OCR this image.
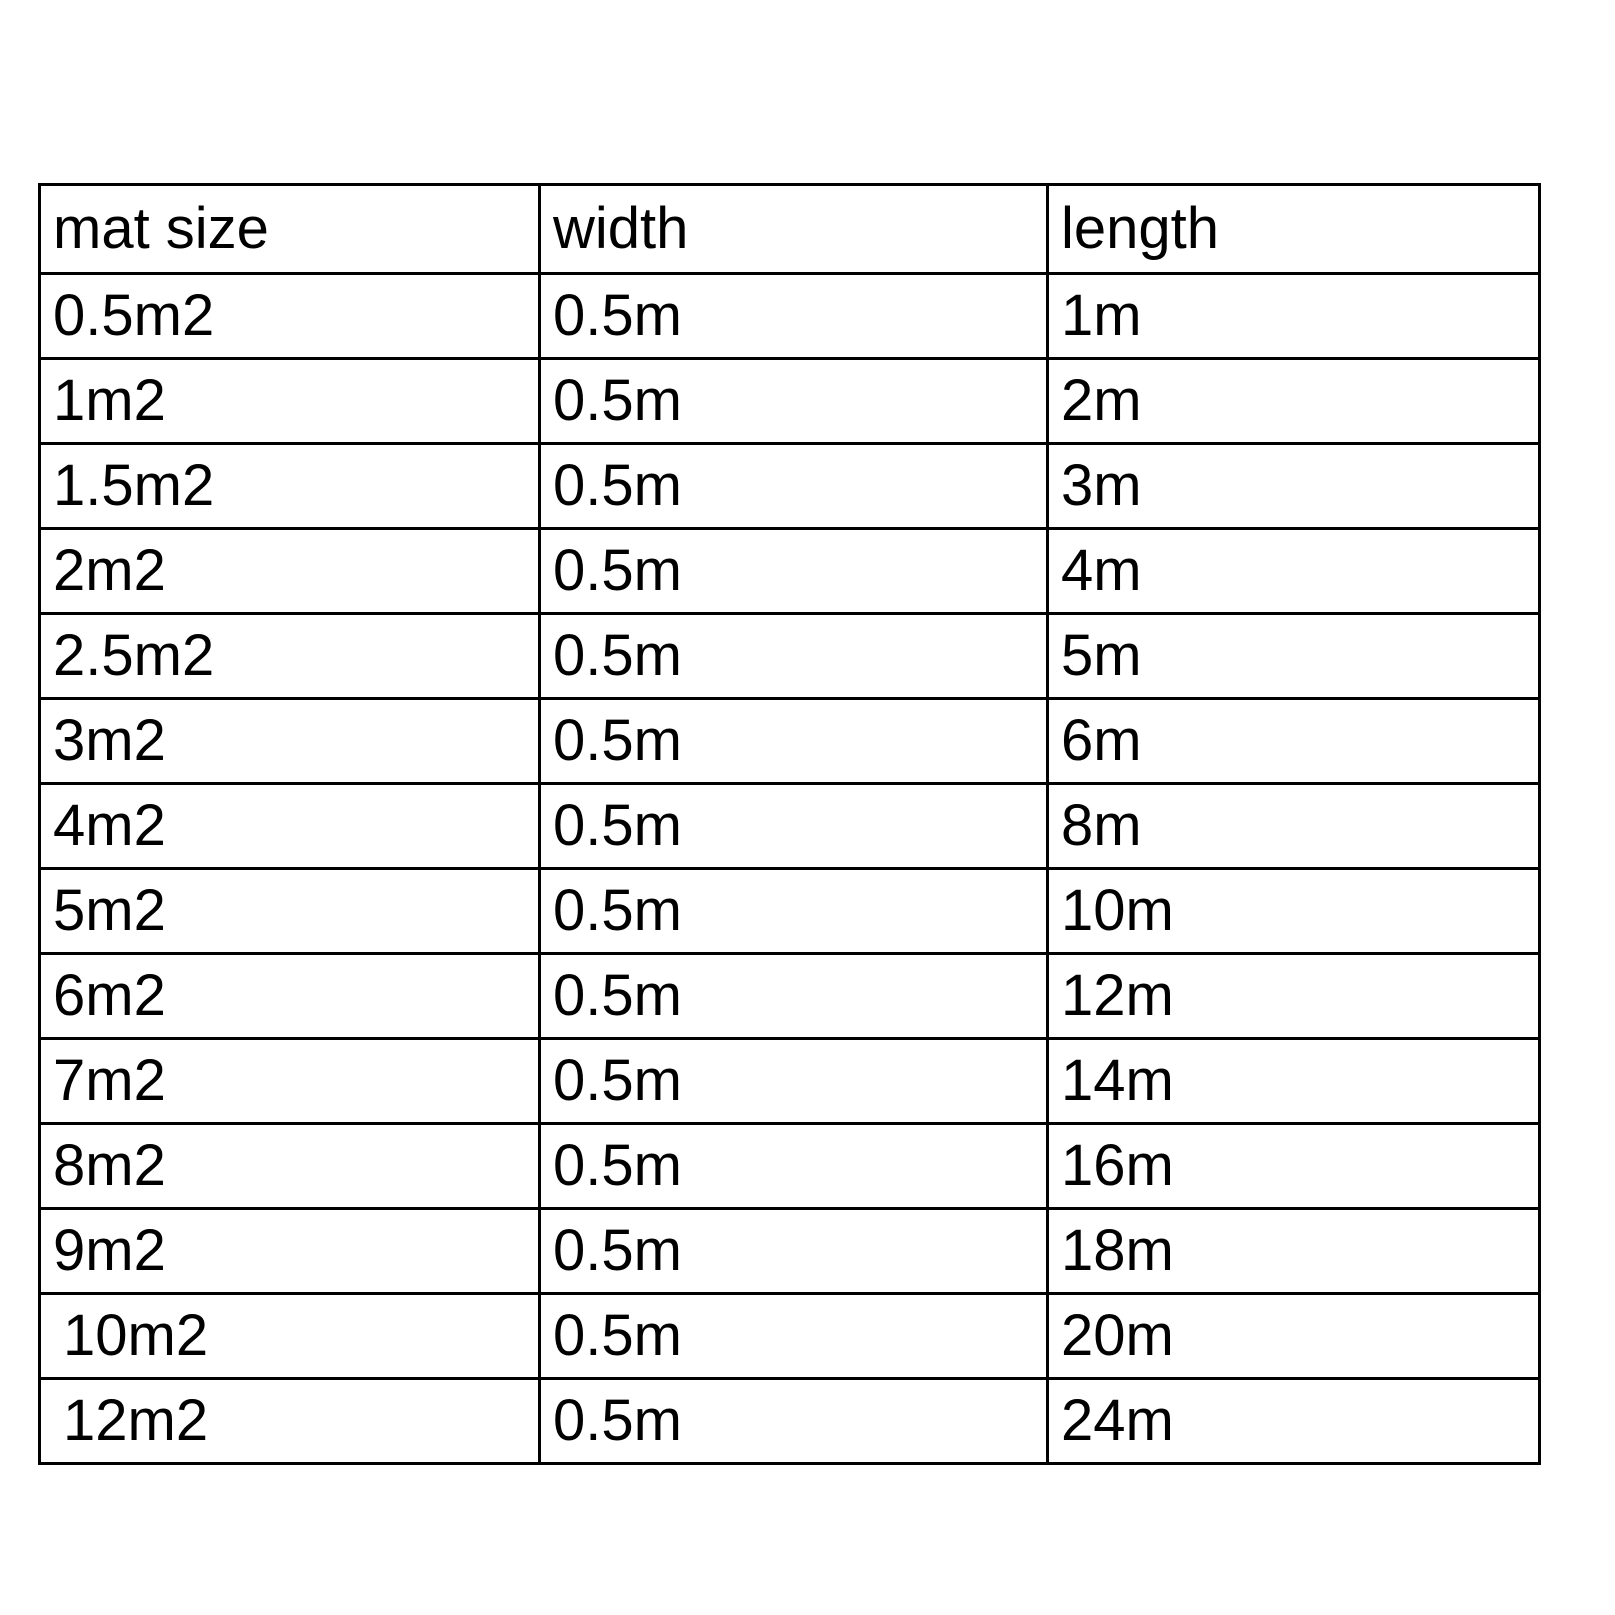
mat size	width	length
0.5m2	0.5m	1m
1m2	0.5m	2m
1.5m2	0.5m	3m
2m2	0.5m	4m
2.5m2	0.5m	5m
3m2	0.5m	6m
4m2	0.5m	8m
5m2	0.5m	10m
6m2	0.5m	12m
7m2	0.5m	14m
8m2	0.5m	16m
9m2	0.5m	18m
10m2	0.5m	20m
12m2	0.5m	24m
